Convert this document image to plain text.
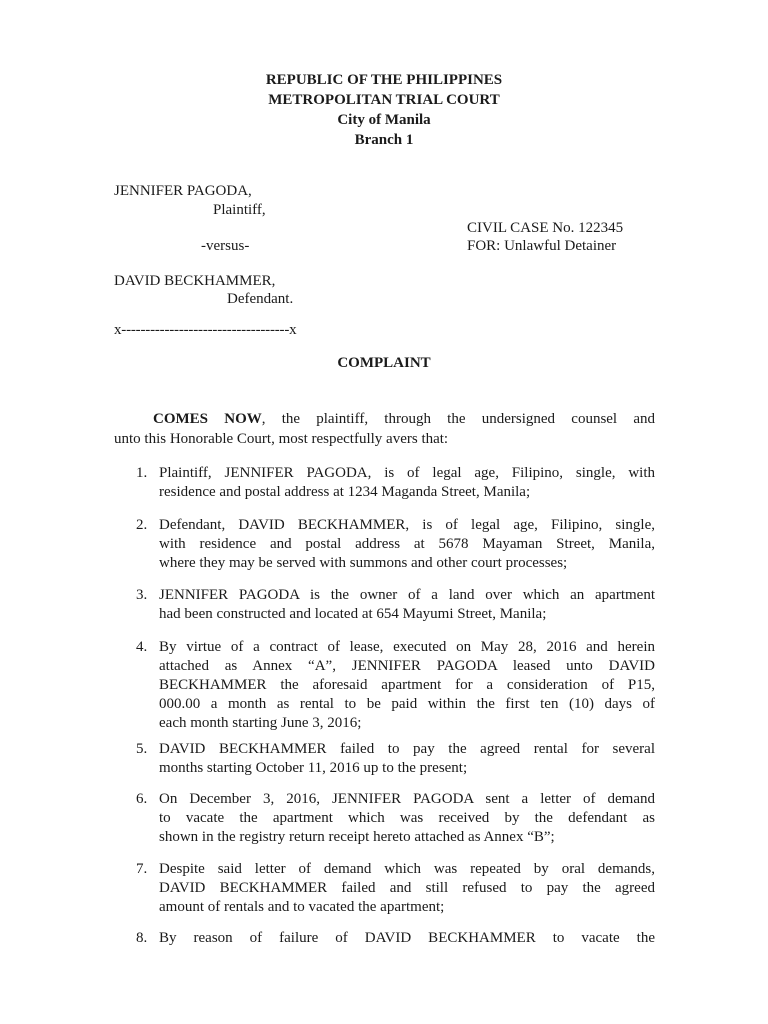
REPUBLIC OF THE PHILIPPINES
METROPOLITAN TRIAL COURT
City of Manila
Branch 1
JENNIFER PAGODA,
Plaintiff,
CIVIL CASE No. 122345
-versus-	FOR: Unlawful Detainer
DAVID BECKHAMMER,
Defendant.
x-----------------------------------x
COMPLAINT
COMES NOW, the plaintiff, through the undersigned counsel and
unto this Honorable Court, most respectfully avers that:
1. Plaintiff, JENNIFER PAGODA, is of legal age, Filipino, single, with
residence and postal address at 1234 Maganda Street, Manila;
2. Defendant, DAVID BECKHAMMER, is of legal age, Filipino, single,
with residence and postal address at 5678 Mayaman Street, Manila,
where they may be served with summons and other court processes;
3. JENNIFER PAGODA is the owner of a land over which an apartment
had been constructed and located at 654 Mayumi Street, Manila;
4. By virtue of a contract of lease, executed on May 28, 2016 and herein
attached as Annex “A”, JENNIFER PAGODA leased unto DAVID
BECKHAMMER the aforesaid apartment for a consideration of P15,
000.00 a month as rental to be paid within the first ten (10) days of
each month starting June 3, 2016;
5. DAVID BECKHAMMER failed to pay the agreed rental for several
months starting October 11, 2016 up to the present;
6. On December 3, 2016, JENNIFER PAGODA sent a letter of demand
to vacate the apartment which was received by the defendant as
shown in the registry return receipt hereto attached as Annex “B”;
7. Despite said letter of demand which was repeated by oral demands,
DAVID BECKHAMMER failed and still refused to pay the agreed
amount of rentals and to vacated the apartment;
8. By reason of failure of DAVID BECKHAMMER to vacate the
